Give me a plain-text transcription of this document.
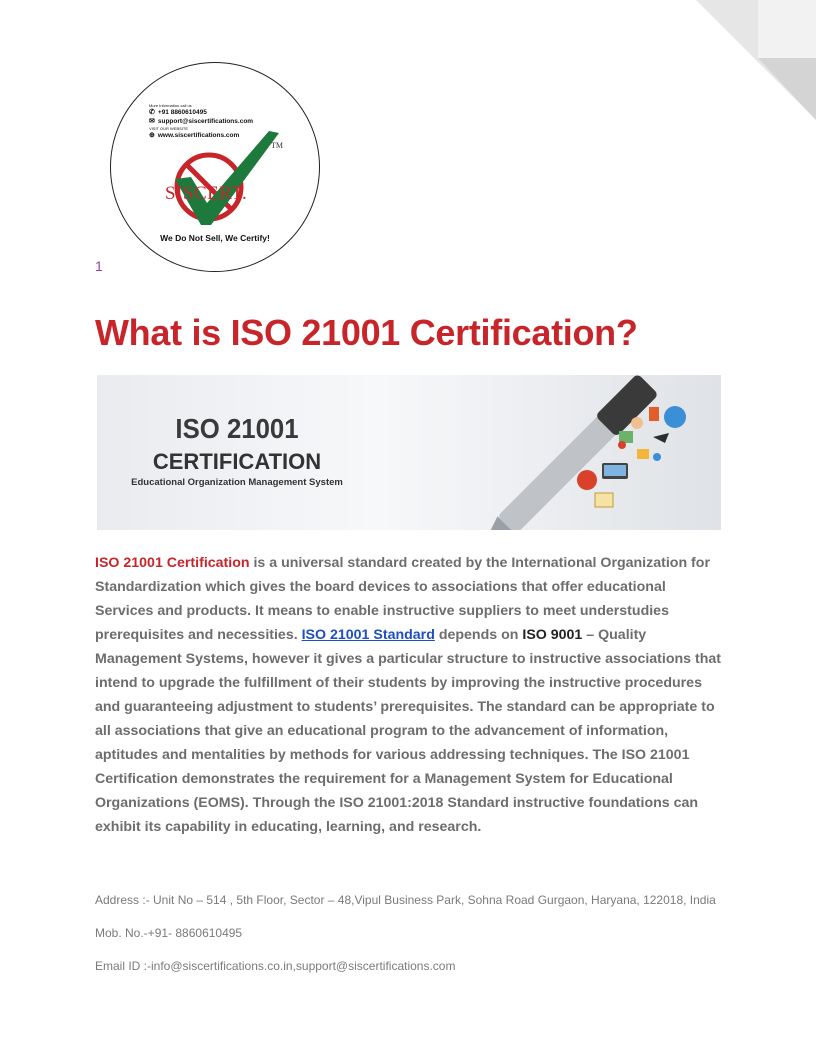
More Information call us
✆ +91 8860610495
✉ support@siscertifications.com
VISIT OUR WEBSITE
⊕ www.siscertifications.com
SISCERT.
TM
We Do Not Sell, We Certify!
1
What is ISO 21001 Certification?
ISO 21001
CERTIFICATION
Educational Organization Management System

ISO 21001 Certification is a universal standard created by the International Organization for Standardization which gives the board devices to associations that offer educational Services and products. It means to enable instructive suppliers to meet understudies prerequisites and necessities. ISO 21001 Standard depends on ISO 9001 – Quality Management Systems, however it gives a particular structure to instructive associations that intend to upgrade the fulfillment of their students by improving the instructive procedures and guaranteeing adjustment to students’ prerequisites. The standard can be appropriate to all associations that give an educational program to the advancement of information, aptitudes and mentalities by methods for various addressing techniques. The ISO 21001 Certification demonstrates the requirement for a Management System for Educational Organizations (EOMS). Through the ISO 21001:2018 Standard instructive foundations can exhibit its capability in educating, learning, and research.

Address :- Unit No – 514 , 5th Floor, Sector – 48,Vipul Business Park, Sohna Road Gurgaon, Haryana, 122018, India
Mob. No.-+91- 8860610495
Email ID :-info@siscertifications.co.in,support@siscertifications.com
